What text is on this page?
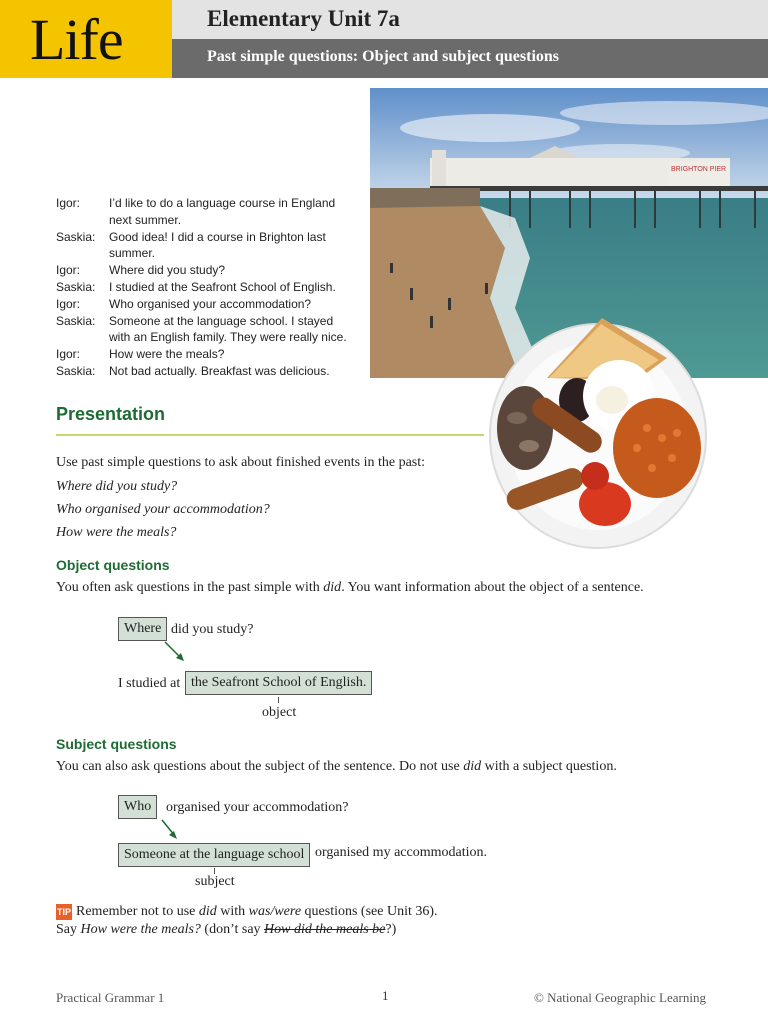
Life	Elementary Unit 7a
Past simple questions: Object and subject questions
BRIGHTON PIER
Igor:	I’d like to do a language course in England
next summer.
Saskia:	Good idea! I did a course in Brighton last
summer.
Igor:	Where did you study?
Saskia:	I studied at the Seafront School of English.
Igor:	Who organised your accommodation?
Saskia:	Someone at the language school. I stayed
with an English family. They were really nice.
Igor:	How were the meals?
Saskia:	Not bad actually. Breakfast was delicious.
Presentation
Use past simple questions to ask about finished events in the past:
Where did you study?
Who organised your accommodation?
How were the meals?
Object questions
You often ask questions in the past simple with did. You want information about the object of a sentence.
Where did you study?
I studied at the Seafront School of English.
object
Subject questions
You can also ask questions about the subject of the sentence. Do not use did with a subject question.
Who	organised your accommodation?
Someone at the language school organised my accommodation.
subject
TIP Remember not to use did with was/were questions (see Unit 36).
Say How were the meals? (don’t say How did the meals be?)
Practical Grammar 1	1	© National Geographic Learning
